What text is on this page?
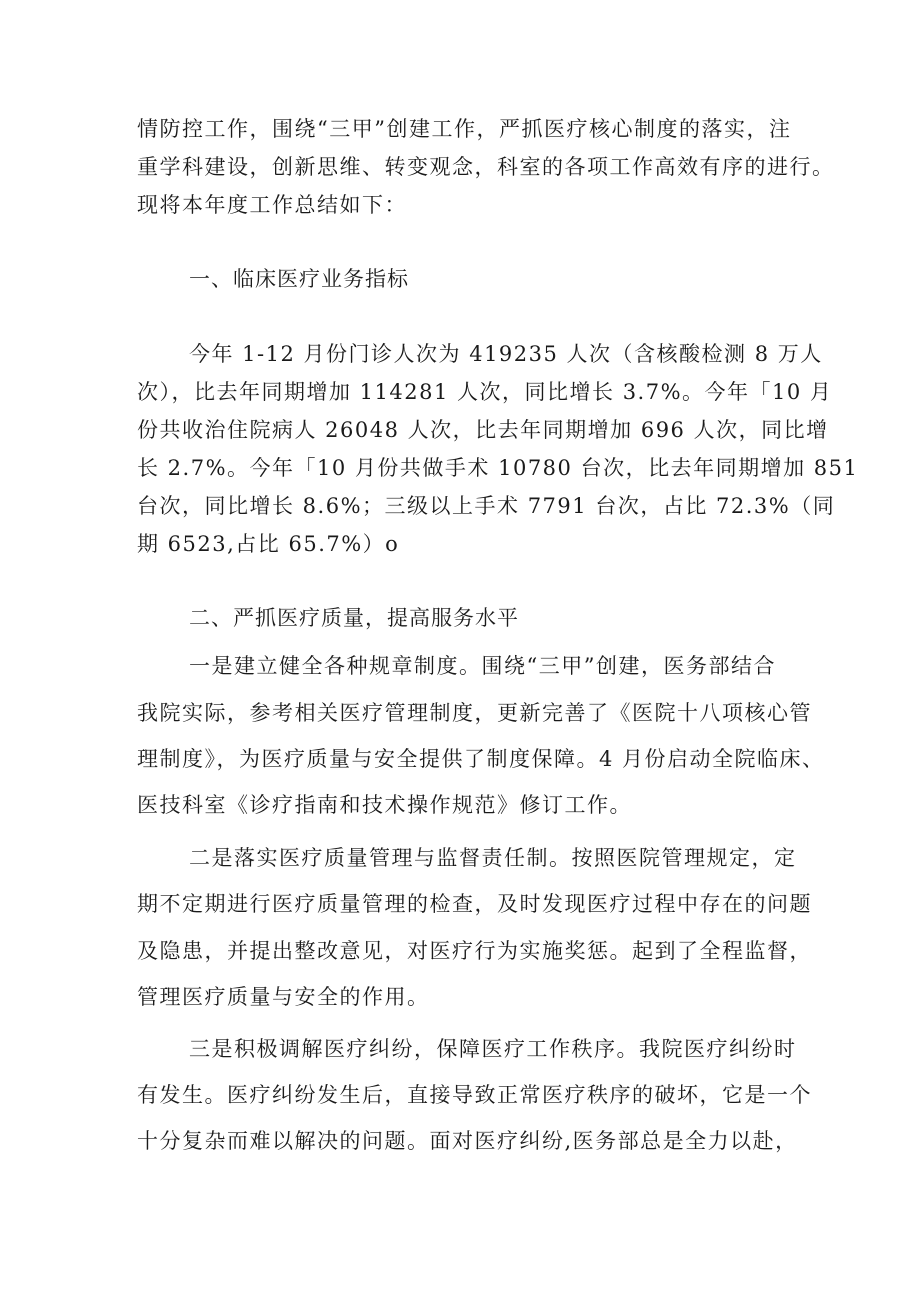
情防控工作，围绕“三甲”创建工作，严抓医疗核心制度的落实，注
重学科建设，创新思维、转变观念，科室的各项工作高效有序的进行。
现将本年度工作总结如下：
一、临床医疗业务指标
今年 1-12 月份门诊人次为 419235 人次（含核酸检测 8 万人
次），比去年同期增加 114281 人次，同比增长 3.7%。今年「10 月
份共收治住院病人 26048 人次，比去年同期增加 696 人次，同比增
长 2.7%。今年「10 月份共做手术 10780 台次，比去年同期增加 851
台次，同比增长 8.6%；三级以上手术 7791 台次，占比 72.3%（同
期 6523,占比 65.7%）o
二、严抓医疗质量，提高服务水平
一是建立健全各种规章制度。围绕“三甲”创建，医务部结合
我院实际，参考相关医疗管理制度，更新完善了《医院十八项核心管
理制度》，为医疗质量与安全提供了制度保障。4 月份启动全院临床、
医技科室《诊疗指南和技术操作规范》修订工作。
二是落实医疗质量管理与监督责任制。按照医院管理规定，定
期不定期进行医疗质量管理的检查，及时发现医疗过程中存在的问题
及隐患，并提出整改意见，对医疗行为实施奖惩。起到了全程监督，
管理医疗质量与安全的作用。
三是积极调解医疗纠纷，保障医疗工作秩序。我院医疗纠纷时
有发生。医疗纠纷发生后，直接导致正常医疗秩序的破坏，它是一个
十分复杂而难以解决的问题。面对医疗纠纷,医务部总是全力以赴，
